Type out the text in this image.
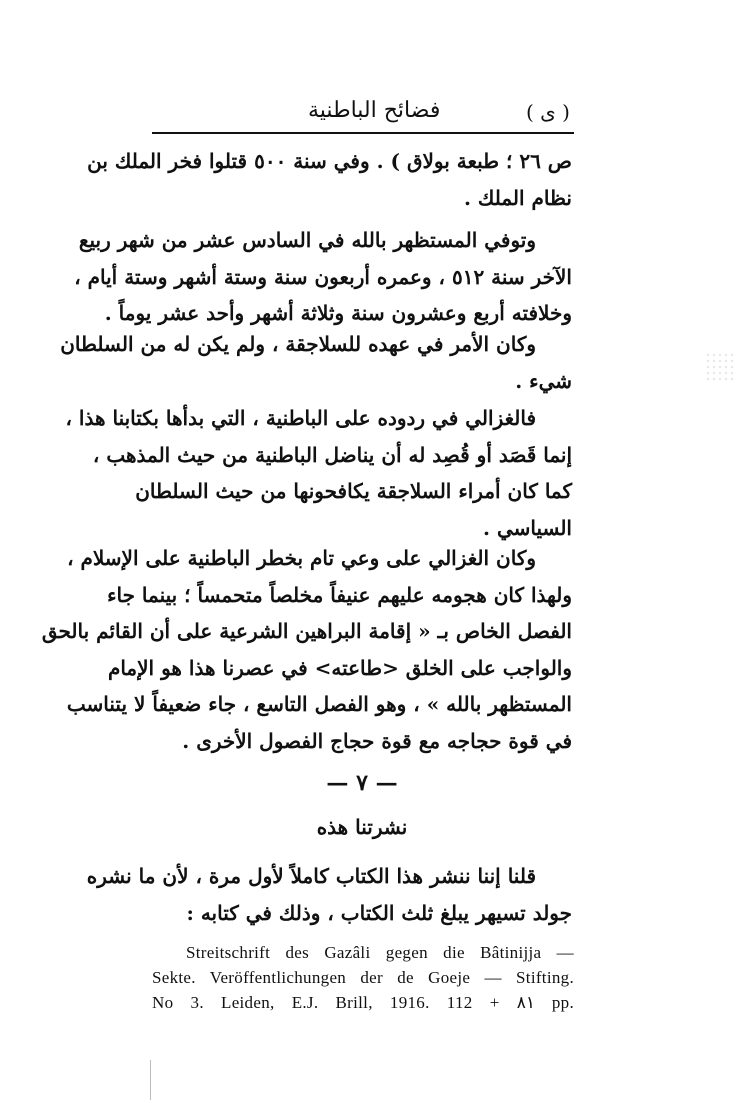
( ى )
فضائح الباطنية
ص ٢٦ ؛ طبعة بولاق ) . وفي سنة ٥٠٠ قتلوا فخر الملك بن
نظام الملك .
وتوفي المستظهر بالله في السادس عشر من شهر ربيع
الآخر سنة ٥١٢ ، وعمره أربعون سنة وستة أشهر وستة أيام ،
وخلافته أربع وعشرون سنة وثلاثة أشهر وأحد عشر يوماً .
وكان الأمر في عهده للسلاجقة ، ولم يكن له من السلطان
شيء .
فالغزالي في ردوده على الباطنية ، التي بدأها بكتابنا هذا ،
إنما قَصَد أو قُصِد له أن يناضل الباطنية من حيث المذهب ،
كما كان أمراء السلاجقة يكافحونها من حيث السلطان
السياسي .
وكان الغزالي على وعي تام بخطر الباطنية على الإسلام ،
ولهذا كان هجومه عليهم عنيفاً مخلصاً متحمساً ؛ بينما جاء
الفصل الخاص بـ « إقامة البراهين الشرعية على أن القائم بالحق
والواجب على الخلق <طاعته> في عصرنا هذا هو الإمام
المستظهر بالله » ، وهو الفصل التاسع ، جاء ضعيفاً لا يتناسب
في قوة حجاجه مع قوة حجاج الفصول الأخرى .
— ٧ —
نشرتنا هذه
قلنا إننا ننشر هذا الكتاب كاملاً لأول مرة ، لأن ما نشره
جولد تسيهر يبلغ ثلث الكتاب ، وذلك في كتابه :
Streitschrift des Gazâli gegen die Bâtinijja —
Sekte. Veröffentlichungen der de Goeje — Stifting.
No 3. Leiden, E.J. Brill, 1916. 112 + ٨١ pp.
